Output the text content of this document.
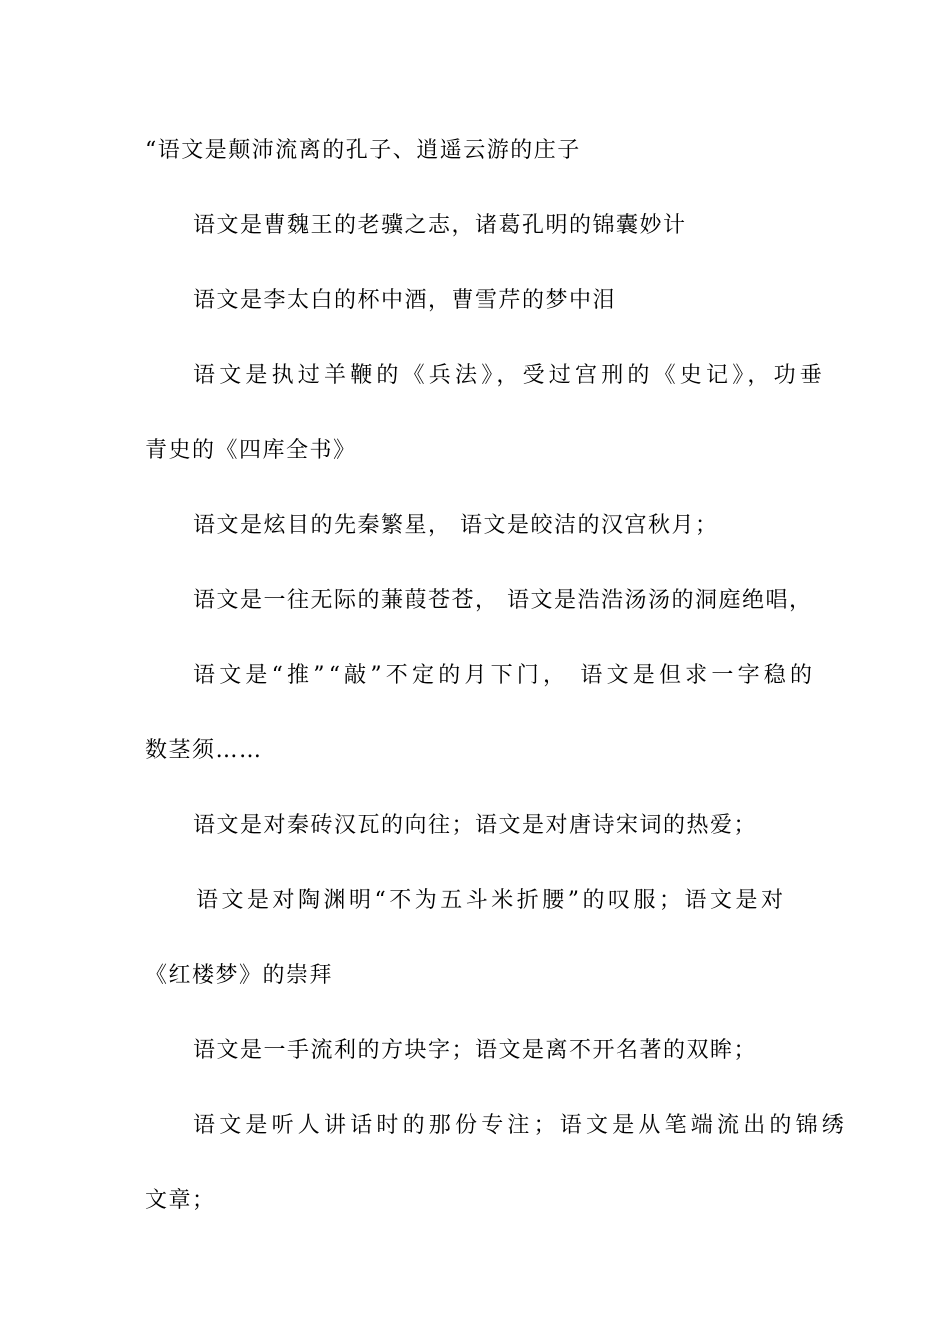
“语文是颠沛流离的孔子、逍遥云游的庄子
语文是曹魏王的老骥之志，诸葛孔明的锦囊妙计
语文是李太白的杯中酒，曹雪芹的梦中泪
语文是执过羊鞭的《兵法》，受过宫刑的《史记》，功垂
青史的《四库全书》
语文是炫目的先秦繁星， 语文是皎洁的汉宫秋月；
语文是一往无际的蒹葭苍苍， 语文是浩浩汤汤的洞庭绝唱，
语文是“推”“敲”不定的月下门， 语文是但求一字稳的
数茎须……
语文是对秦砖汉瓦的向往；语文是对唐诗宋词的热爱；
语文是对陶渊明“不为五斗米折腰”的叹服；语文是对
《红楼梦》的崇拜
语文是一手流利的方块字；语文是离不开名著的双眸；
语文是听人讲话时的那份专注；语文是从笔端流出的锦绣
文章；
